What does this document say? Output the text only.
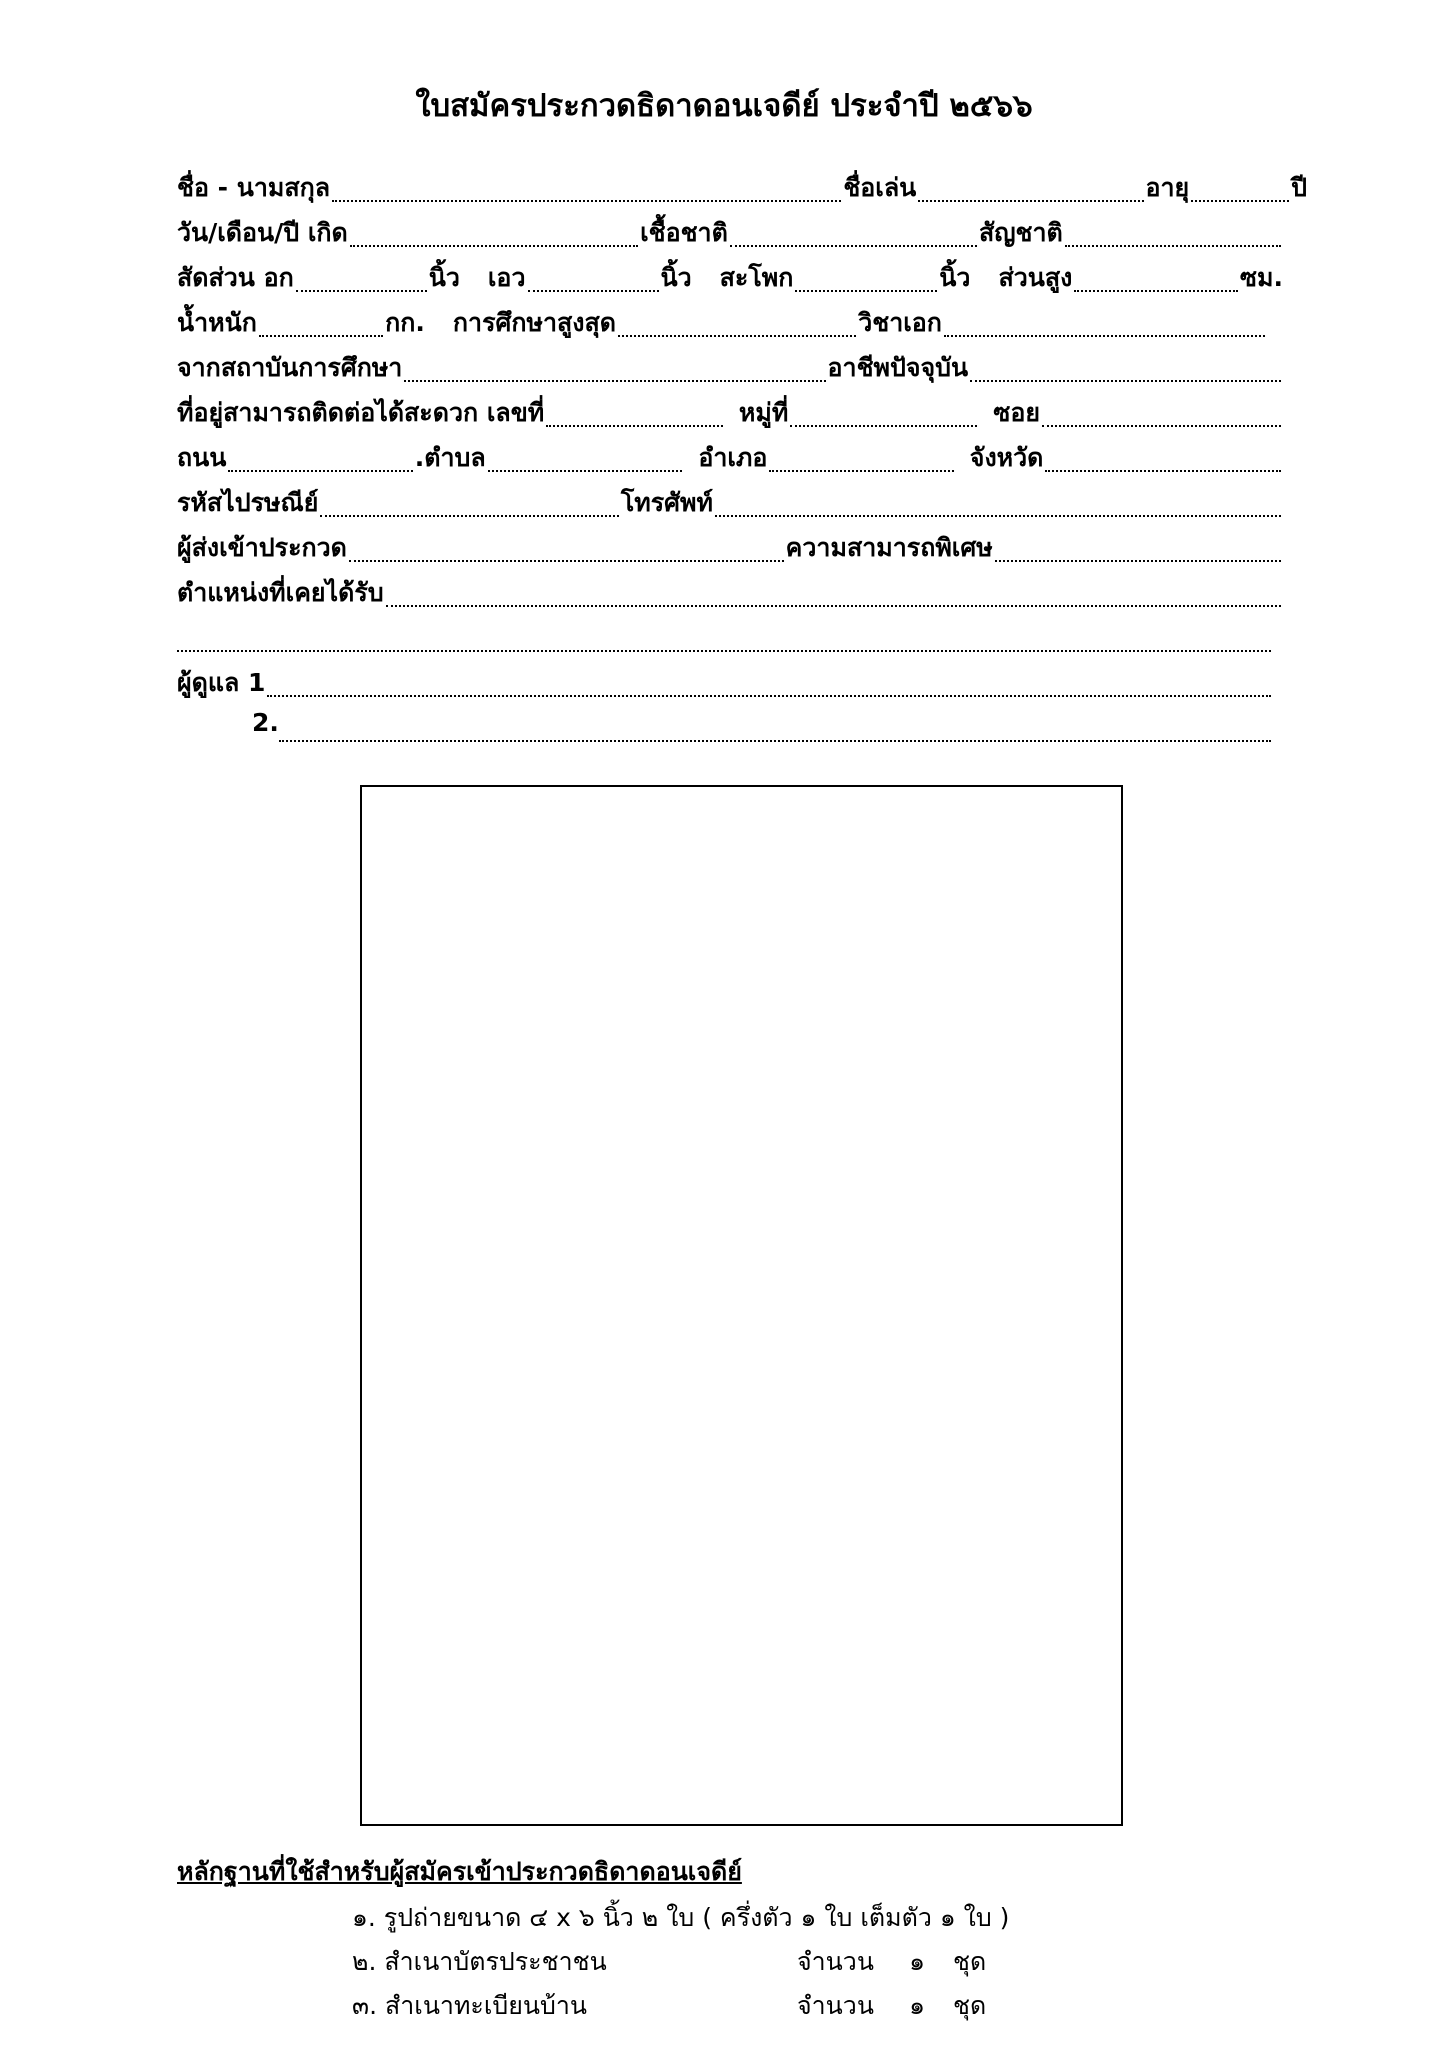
ใบสมัครประกวดธิดาดอนเจดีย์ ประจำปี ๒๕๖๖
ชื่อ - นามสกุล	ชื่อเล่น	อายุ	ปี
วัน/เดือน/ปี เกิด	เชื้อชาติ	สัญชาติ
สัดส่วน อก	นิ้ว เอว	นิ้ว สะโพก	นิ้ว ส่วนสูง	ซม.
น้ำหนัก	กก. การศึกษาสูงสุด	วิชาเอก
จากสถาบันการศึกษา	อาชีพปัจจุบัน
ที่อยู่สามารถติดต่อได้สะดวก เลขที่	หมู่ที่	ซอย
ถนน	.ตำบล	อำเภอ	จังหวัด
รหัสไปรษณีย์	โทรศัพท์
ผู้ส่งเข้าประกวด	ความสามารถพิเศษ
ตำแหน่งที่เคยได้รับ
ผู้ดูแล 1
2.
หลักฐานที่ใช้สำหรับผู้สมัครเข้าประกวดธิดาดอนเจดีย์
๑. รูปถ่ายขนาด ๔ x ๖ นิ้ว ๒ ใบ ( ครึ่งตัว ๑ ใบ เต็มตัว ๑ ใบ )
๒. สำเนาบัตรประชาชน	จำนวน	๑	ชุด
๓. สำเนาทะเบียนบ้าน	จำนวน	๑	ชุด
